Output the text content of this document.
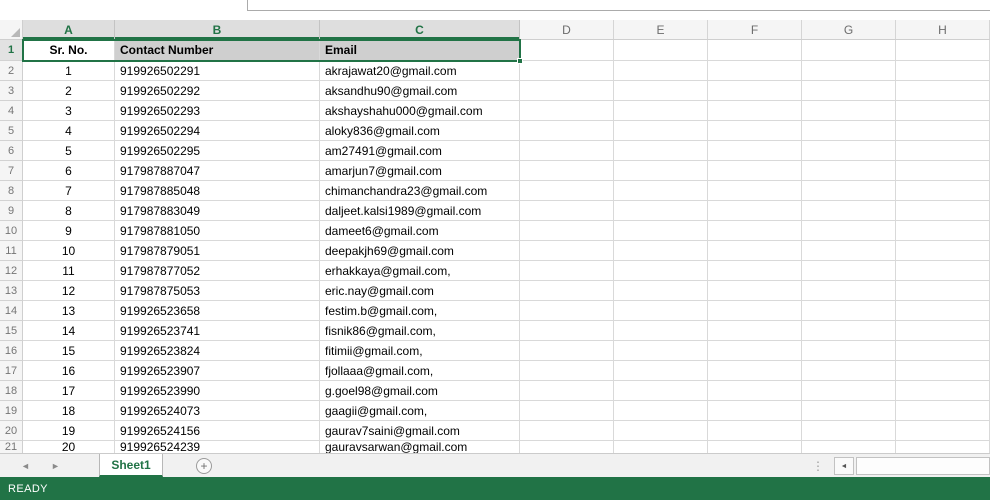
A	B	C	D	E	F	G	H
1	Sr. No.	Contact Number	Email
2	1	919926502291	akrajawat20@gmail.com
3	2	919926502292	aksandhu90@gmail.com
4	3	919926502293	akshayshahu000@gmail.com
5	4	919926502294	aloky836@gmail.com
6	5	919926502295	am27491@gmail.com
7	6	917987887047	amarjun7@gmail.com
8	7	917987885048	chimanchandra23@gmail.com
9	8	917987883049	daljeet.kalsi1989@gmail.com
10	9	917987881050	dameet6@gmail.com
11	10	917987879051	deepakjh69@gmail.com
12	11	917987877052	erhakkaya@gmail.com,
13	12	917987875053	eric.nay@gmail.com
14	13	919926523658	festim.b@gmail.com,
15	14	919926523741	fisnik86@gmail.com,
16	15	919926523824	fitimii@gmail.com,
17	16	919926523907	fjollaaa@gmail.com,
18	17	919926523990	g.goel98@gmail.com
19	18	919926524073	gaagii@gmail.com,
20	19	919926524156	gaurav7saini@gmail.com
21	20	919926524239	gauravsarwan@gmail.com
◄ ►	Sheet1	+	⋮	◄
READY
